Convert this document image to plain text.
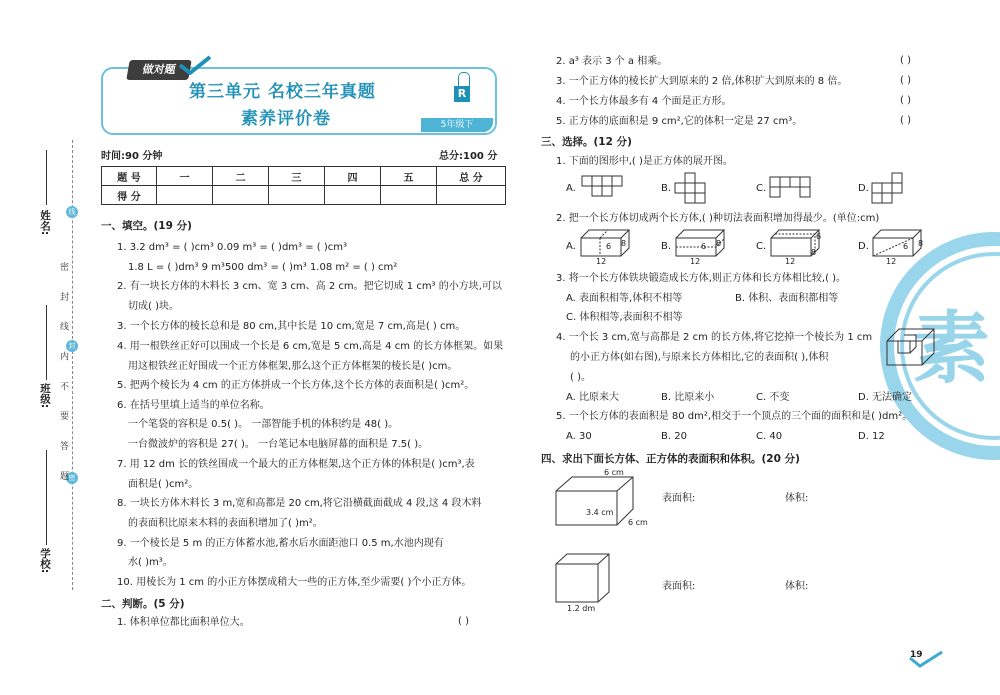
姓名:
班级:
学校:
线
封
密
密 封 线 内 不 要 答 题
第三单元 名校三年真题
素养评价卷
做对题
R
5年级下
时间:90 分钟	总分:100 分
题 号	一	二	三	四	五	总 分
得 分						
一、填空。(19 分)
1. 3.2 dm³ = ( )cm³ 0.09 m³ = ( )dm³ = ( )cm³
1.8 L = ( )dm³ 9 m³500 dm³ = ( )m³ 1.08 m² = ( ) cm²
2. 有一块长方体的木料长 3 cm、宽 3 cm、高 2 cm。把它切成 1 cm³ 的小方块,可以
切成( )块。
3. 一个长方体的棱长总和是 80 cm,其中长是 10 cm,宽是 7 cm,高是( ) cm。
4. 用一根铁丝正好可以围成一个长是 6 cm,宽是 5 cm,高是 4 cm 的长方体框架。如果
用这根铁丝正好围成一个正方体框架,那么这个正方体框架的棱长是( )cm。
5. 把两个棱长为 4 cm 的正方体拼成一个长方体,这个长方体的表面积是( )cm²。
6. 在括号里填上适当的单位名称。
一个笔袋的容积是 0.5( )。 一部智能手机的体积约是 48( )。
一台微波炉的容积是 27( )。 一台笔记本电脑屏幕的面积是 7.5( )。
7. 用 12 dm 长的铁丝围成一个最大的正方体框架,这个正方体的体积是( )cm³,表
面积是( )cm²。
8. 一块长方体木料长 3 m,宽和高都是 20 cm,将它沿横截面截成 4 段,这 4 段木料
的表面积比原来木料的表面积增加了( )m²。
9. 一个棱长是 5 m 的正方体蓄水池,蓄水后水面距池口 0.5 m,水池内现有
水( )m³。
10. 用棱长为 1 cm 的小正方体摆成稍大一些的正方体,至少需要( )个小正方体。
二、判断。(5 分)
1. 体积单位都比面积单位大。	( )
2. a³ 表示 3 个 a 相乘。	( )
3. 一个正方体的棱长扩大到原来的 2 倍,体积扩大到原来的 8 倍。	( )
4. 一个长方体最多有 4 个面是正方形。	( )
5. 正方体的底面积是 9 cm²,它的体积一定是 27 cm³。	( )
素
三、选择。(12 分)
1. 下面的图形中,( )是正方体的展开图。
A.	B.	C.	D.
2. 把一个长方体切成两个长方体,( )种切法表面积增加得最少。(单位:cm)
A.	B.	C.	D.
12	12	12	12
6 8	6 8
6
8
6 8
3. 将一个长方体铁块锻造成长方体,则正方体和长方体相比较,( )。
A. 表面积相等,体积不相等	B. 体积、表面积都相等
C. 体积相等,表面积不相等
4. 一个长 3 cm,宽与高都是 2 cm 的长方体,将它挖掉一个棱长为 1 cm
的小正方体(如右图),与原来长方体相比,它的表面积( ),体积
( )。
A. 比原来大	B. 比原来小	C. 不变	D. 无法确定
5. 一个长方体的表面积是 80 dm²,相交于一个顶点的三个面的面积和是( )dm²。
A. 30	B. 20	C. 40	D. 12
四、求出下面长方体、正方体的表面积和体积。(20 分)
6 cm
3.4 cm
6 cm
表面积:	体积:
1.2 dm
表面积:	体积:
19
